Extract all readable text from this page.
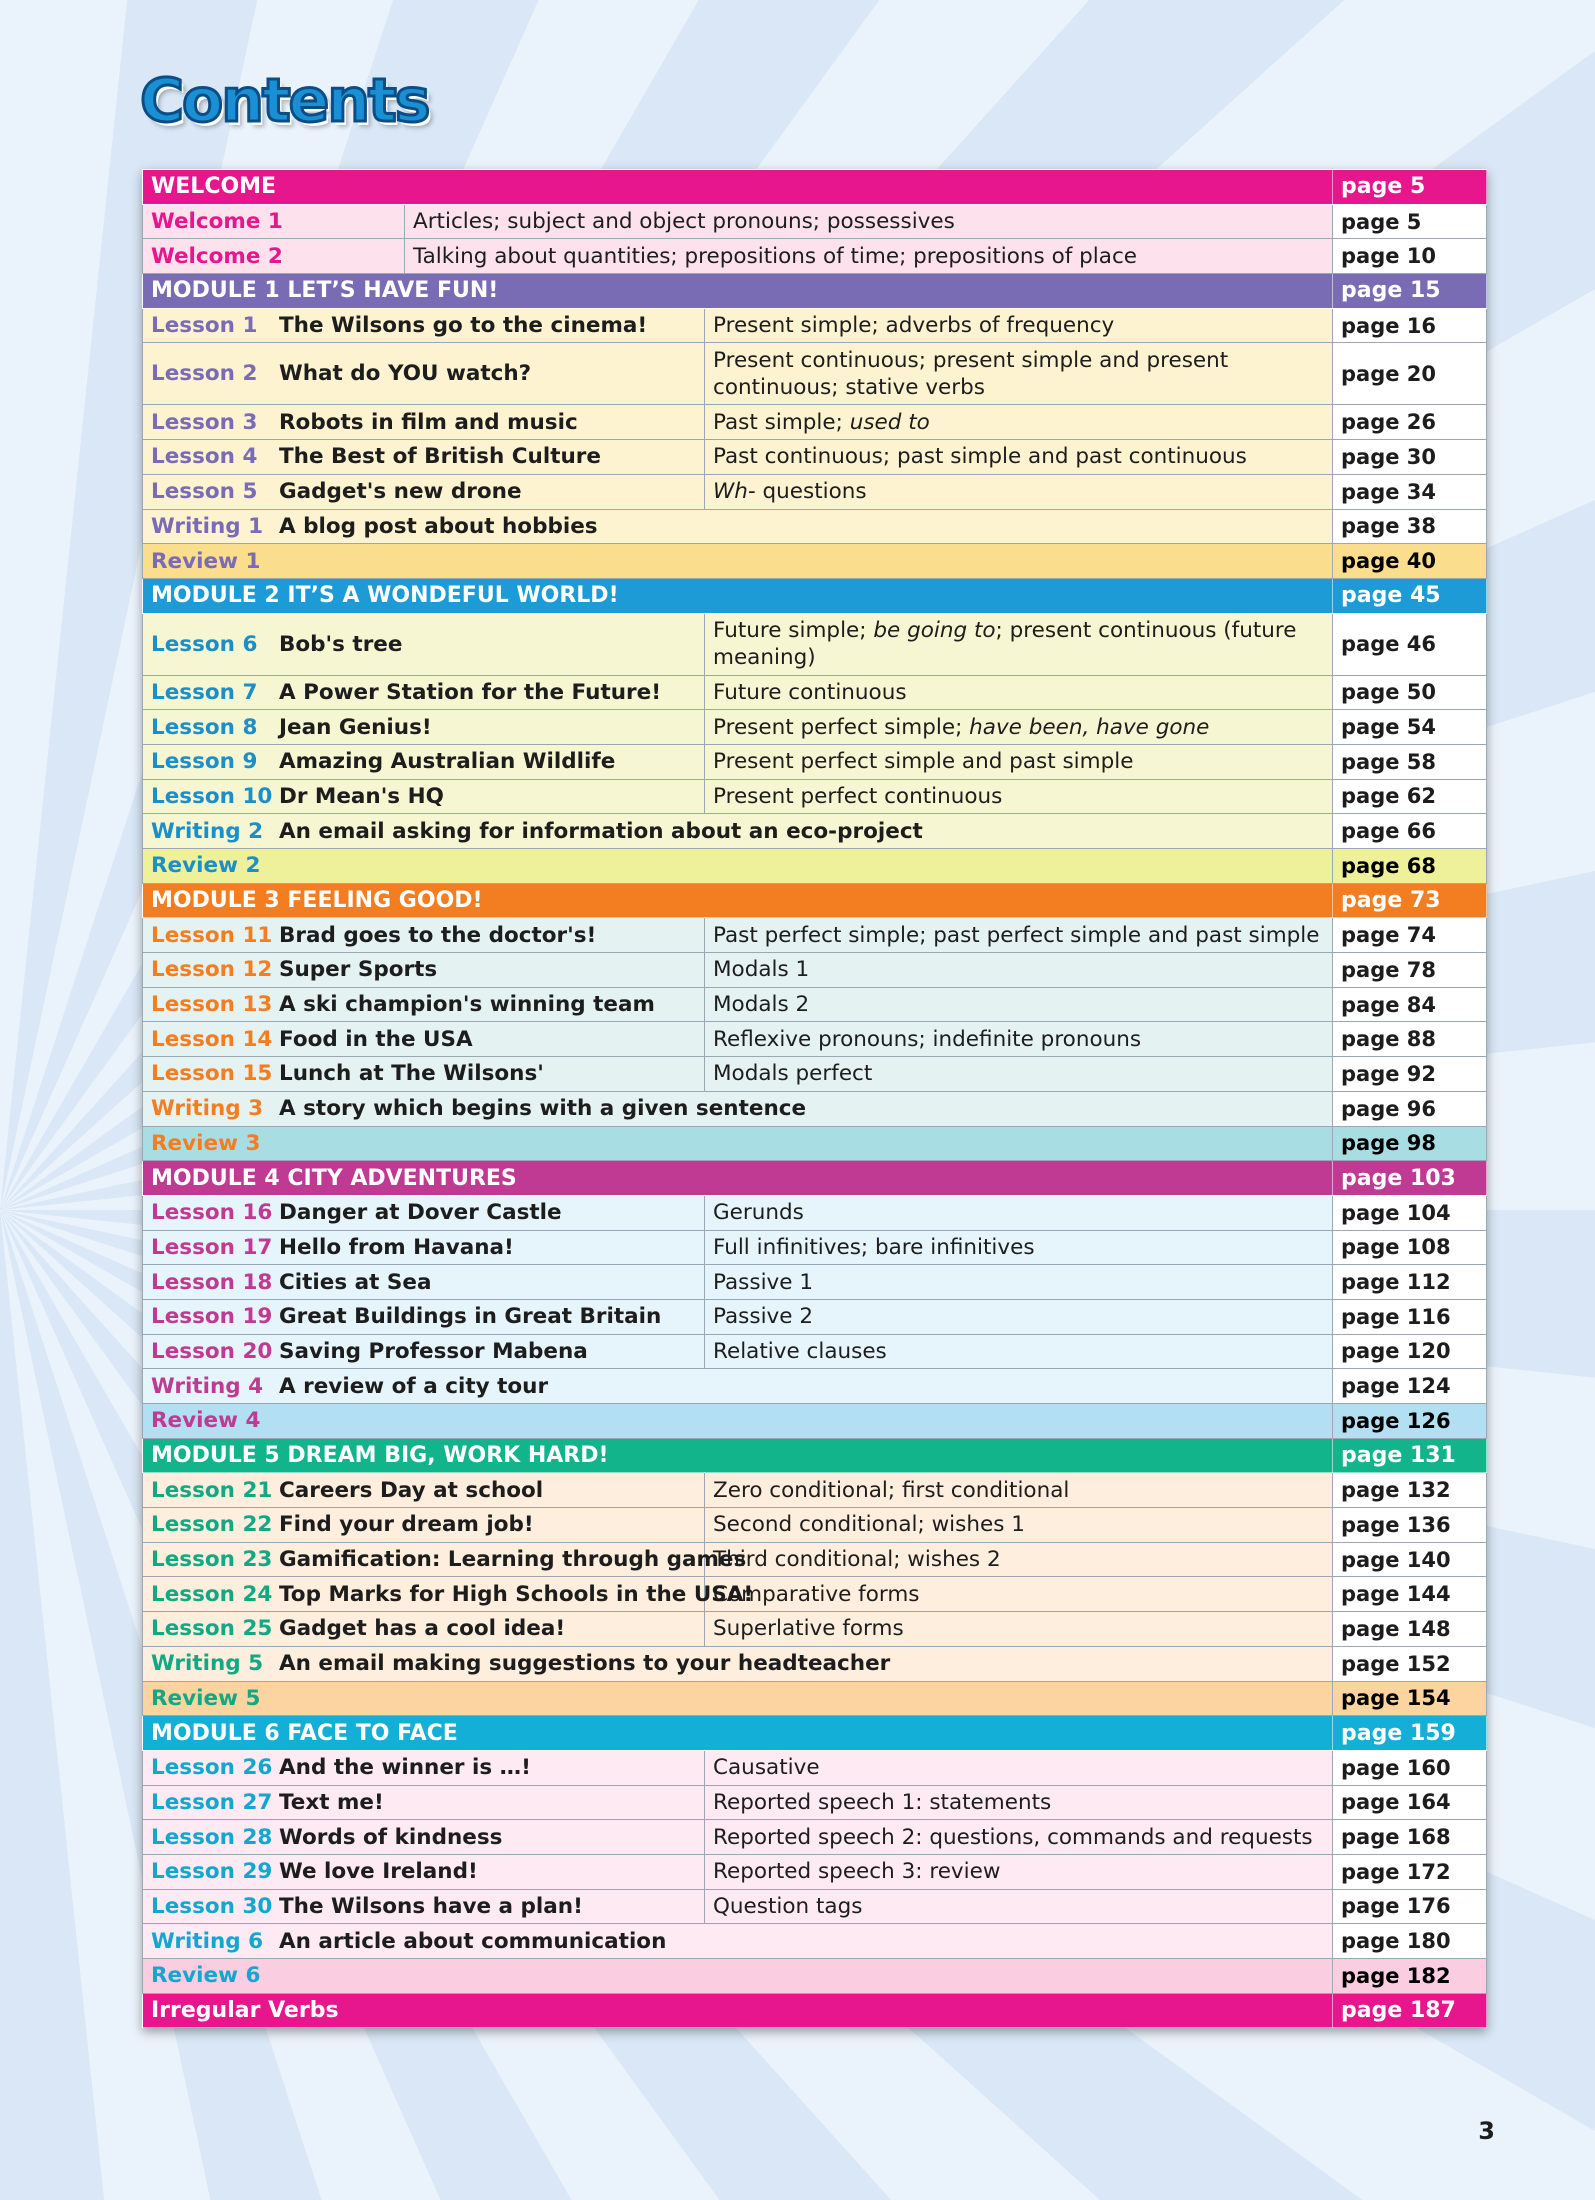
Contents
WELCOME			page 5
Welcome 1	Articles; subject and object pronouns; possessives		page 5
Welcome 2	Talking about quantities; prepositions of time; prepositions of place		page 10
MODULE 1 LET’S HAVE FUN!			page 15
Lesson 1 The Wilsons go to the cinema!		Present simple; adverbs of frequency	page 16
Lesson 2 What do YOU watch?		Present continuous; present simple and present continuous; stative verbs	page 20
Lesson 3 Robots in film and music		Past simple; used to	page 26
Lesson 4 The Best of British Culture		Past continuous; past simple and past continuous	page 30
Lesson 5 Gadget's new drone		Wh- questions	page 34
Writing 1 A blog post about hobbies			page 38
Review 1			page 40
MODULE 2 IT’S A WONDEFUL WORLD!			page 45
Lesson 6 Bob's tree		Future simple; be going to; present continuous (future meaning)	page 46
Lesson 7 A Power Station for the Future!		Future continuous	page 50
Lesson 8 Jean Genius!		Present perfect simple; have been, have gone	page 54
Lesson 9 Amazing Australian Wildlife		Present perfect simple and past simple	page 58
Lesson 10 Dr Mean's HQ		Present perfect continuous	page 62
Writing 2 An email asking for information about an eco-project			page 66
Review 2			page 68
MODULE 3 FEELING GOOD!			page 73
Lesson 11 Brad goes to the doctor's!		Past perfect simple; past perfect simple and past simple	page 74
Lesson 12 Super Sports		Modals 1	page 78
Lesson 13 A ski champion's winning team		Modals 2	page 84
Lesson 14 Food in the USA		Reflexive pronouns; indefinite pronouns	page 88
Lesson 15 Lunch at The Wilsons'		Modals perfect	page 92
Writing 3 A story which begins with a given sentence			page 96
Review 3			page 98
MODULE 4 CITY ADVENTURES			page 103
Lesson 16 Danger at Dover Castle		Gerunds	page 104
Lesson 17 Hello from Havana!		Full infinitives; bare infinitives	page 108
Lesson 18 Cities at Sea		Passive 1	page 112
Lesson 19 Great Buildings in Great Britain		Passive 2	page 116
Lesson 20 Saving Professor Mabena		Relative clauses	page 120
Writing 4 A review of a city tour			page 124
Review 4			page 126
MODULE 5 DREAM BIG, WORK HARD!			page 131
Lesson 21 Careers Day at school		Zero conditional; first conditional	page 132
Lesson 22 Find your dream job!		Second conditional; wishes 1	page 136
Lesson 23 Gamification: Learning through games		Third conditional; wishes 2	page 140
Lesson 24 Top Marks for High Schools in the USA!		Comparative forms	page 144
Lesson 25 Gadget has a cool idea!		Superlative forms	page 148
Writing 5 An email making suggestions to your headteacher			page 152
Review 5			page 154
MODULE 6 FACE TO FACE			page 159
Lesson 26 And the winner is …!		Causative	page 160
Lesson 27 Text me!		Reported speech 1: statements	page 164
Lesson 28 Words of kindness		Reported speech 2: questions, commands and requests	page 168
Lesson 29 We love Ireland!		Reported speech 3: review	page 172
Lesson 30 The Wilsons have a plan!		Question tags	page 176
Writing 6 An article about communication			page 180
Review 6			page 182
Irregular Verbs			page 187
3
